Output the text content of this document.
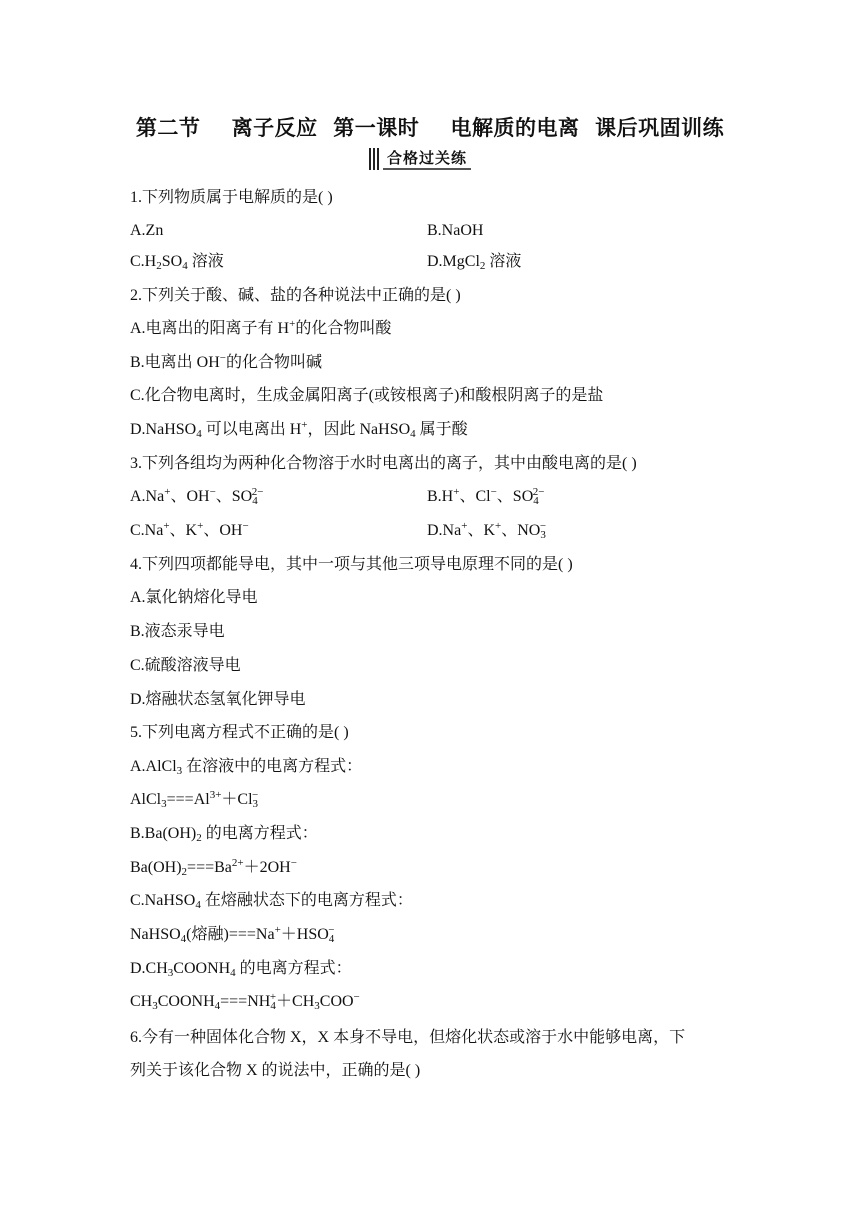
第二节    离子反应  第一课时    电解质的电离  课后巩固训练
合格过关练
1.下列物质属于电解质的是( )
A.Zn	B.NaOH
$C.H_2SO_4$ 溶液	D.MgCl$_2$ 溶液
2.下列关于酸、碱、盐的各种说法中正确的是( )
A.电离出的阳离子有 H+的化合物叫酸
B.电离出 OH−的化合物叫碱
C.化合物电离时，生成金属阳离子(或铵根离子)和酸根阴离子的是盐
D.NaHSO$_4$ 可以电离出 H+，因此 NaHSO$_4$ 属于酸
3.下列各组均为两种化合物溶于水时电离出的离子，其中由酸电离的是( )
A.Na+、OH−、$SO_4^{2-}$	B.H+、Cl−、$SO_4^{2-}$
C.Na+、K+、OH−	D.Na+、K+、$NO_3^-$
4.下列四项都能导电，其中一项与其他三项导电原理不同的是( )
A.氯化钠熔化导电
B.液态汞导电
C.硫酸溶液导电
D.熔融状态氢氧化钾导电
5.下列电离方程式不正确的是( )
A.AlCl$_3$ 在溶液中的电离方程式：
$AlCl_3===Al^{3+}+Cl_3^-$
$B.Ba(OH)_2$ 的电离方程式：
$Ba(OH)_2===Ba^{2+}+2OH^-$
C.NaHSO$_4$ 在熔融状态下的电离方程式：
NaHSO$_4$(熔融)$===Na^++HSO_4^-$
$D.CH_3COONH_4$ 的电离方程式：
$CH_3COONH_4===NH_4^++CH_3COO^-$
6.今有一种固体化合物 X，X 本身不导电，但熔化状态或溶于水中能够电离，下
列关于该化合物 X 的说法中，正确的是( )
